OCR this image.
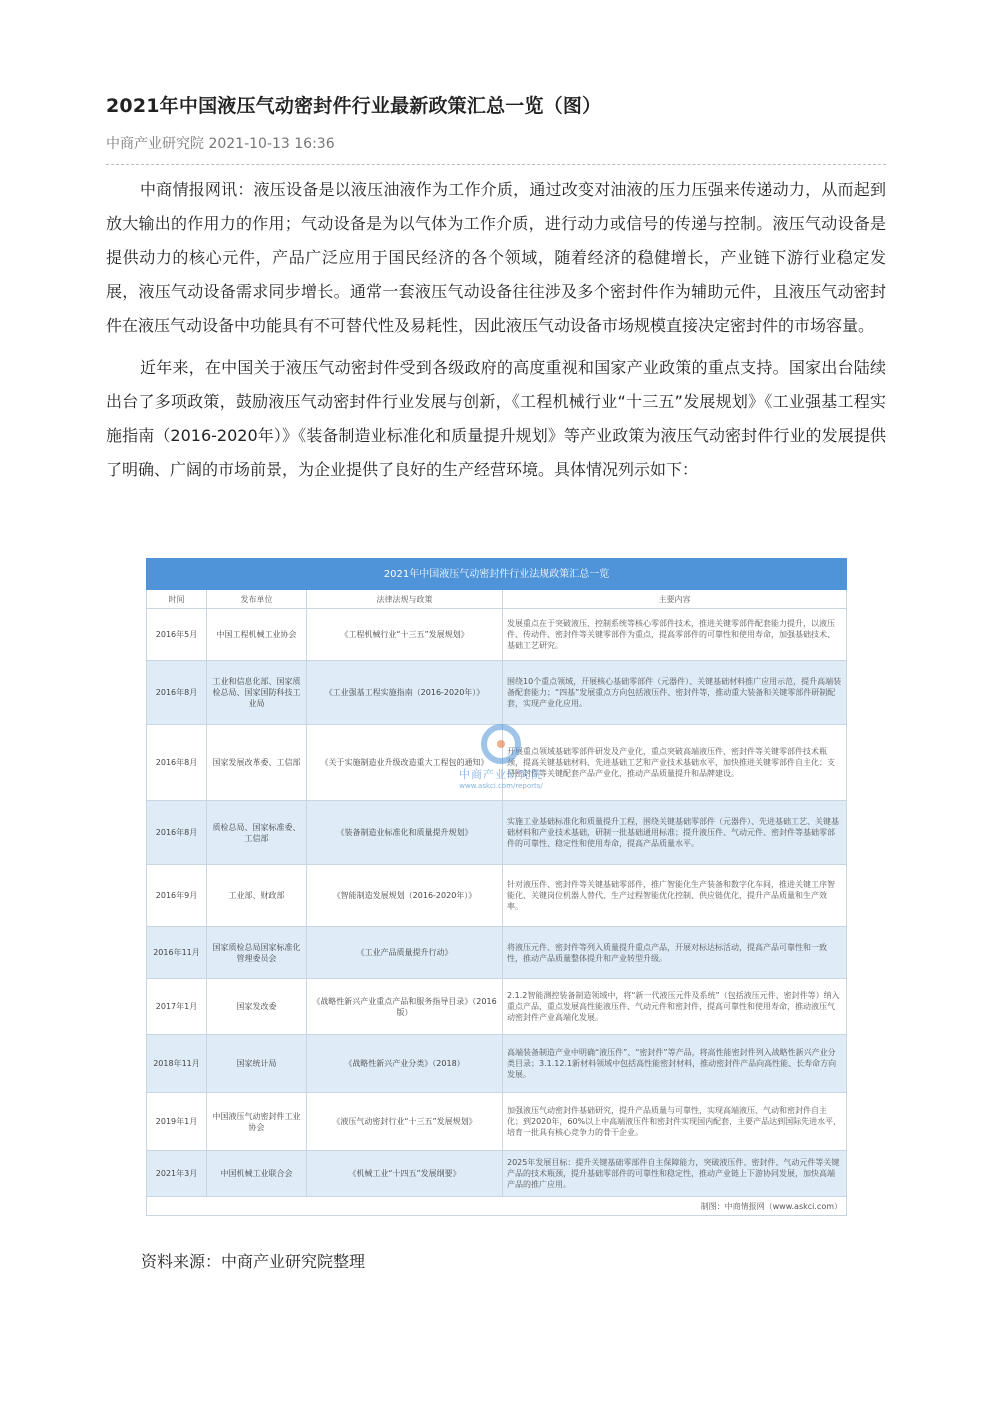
2021年中国液压气动密封件行业最新政策汇总一览（图）
中商产业研究院 2021-10-13 16:36

中商情报网讯：液压设备是以液压油液作为工作介质，通过改变对油液的压力压强来传递动力，从而起到放大输出的作用力的作用；气动设备是为以气体为工作介质，进行动力或信号的传递与控制。液压气动设备是提供动力的核心元件，产品广泛应用于国民经济的各个领域，随着经济的稳健增长，产业链下游行业稳定发展，液压气动设备需求同步增长。通常一套液压气动设备往往涉及多个密封件作为辅助元件，且液压气动密封件在液压气动设备中功能具有不可替代性及易耗性，因此液压气动设备市场规模直接决定密封件的市场容量。

近年来，在中国关于液压气动密封件受到各级政府的高度重视和国家产业政策的重点支持。国家出台陆续出台了多项政策，鼓励液压气动密封件行业发展与创新，《工程机械行业“十三五”发展规划》《工业强基工程实施指南（2016-2020年）》《装备制造业标准化和质量提升规划》等产业政策为液压气动密封件行业的发展提供了明确、广阔的市场前景，为企业提供了良好的生产经营环境。具体情况列示如下：

2021年中国液压气动密封件行业法规政策汇总一览			
时间	发布单位	法律法规与政策	主要内容
2016年5月	中国工程机械工业协会	《工程机械行业“十三五”发展规划》	发展重点在于突破液压、控制系统等核心零部件技术，推进关键零部件配套能力提升，以液压件、传动件、密封件等关键零部件为重点，提高零部件的可靠性和使用寿命，加强基础技术、基础工艺研究。
2016年8月	工业和信息化部、国家质检总局、国家国防科技工业局	《工业强基工程实施指南（2016-2020年）》	围绕10个重点领域，开展核心基础零部件（元器件）、关键基础材料推广应用示范，提升高端装备配套能力；“四基”发展重点方向包括液压件、密封件等，推动重大装备和关键零部件研制配套，实现产业化应用。
2016年8月	国家发展改革委、工信部	《关于实施制造业升级改造重大工程包的通知》	开展重点领域基础零部件研发及产业化，重点突破高端液压件、密封件等关键零部件技术瓶颈，提高关键基础材料、先进基础工艺和产业技术基础水平，加快推进关键零部件自主化；支持密封件等关键配套产品产业化，推动产品质量提升和品牌建设。
2016年8月	质检总局、国家标准委、工信部	《装备制造业标准化和质量提升规划》	实施工业基础标准化和质量提升工程，围绕关键基础零部件（元器件）、先进基础工艺、关键基础材料和产业技术基础，研制一批基础通用标准；提升液压件、气动元件、密封件等基础零部件的可靠性、稳定性和使用寿命，提高产品质量水平。
2016年9月	工业部、财政部	《智能制造发展规划（2016-2020年）》	针对液压件、密封件等关键基础零部件，推广智能化生产装备和数字化车间，推进关键工序智能化、关键岗位机器人替代、生产过程智能优化控制、供应链优化，提升产品质量和生产效率。
2016年11月	国家质检总局国家标准化管理委员会	《工业产品质量提升行动》	将液压元件、密封件等列入质量提升重点产品，开展对标达标活动，提高产品可靠性和一致性，推动产品质量整体提升和产业转型升级。
2017年1月	国家发改委	《战略性新兴产业重点产品和服务指导目录》（2016版）	2.1.2智能测控装备制造领域中，将“新一代液压元件及系统”（包括液压元件、密封件等）纳入重点产品，重点发展高性能液压件、气动元件和密封件，提高可靠性和使用寿命，推动液压气动密封件产业高端化发展。
2018年11月	国家统计局	《战略性新兴产业分类》（2018）	高端装备制造产业中明确“液压件”、“密封件”等产品，将高性能密封件列入战略性新兴产业分类目录；3.1.12.1新材料领域中包括高性能密封材料，推动密封件产品向高性能、长寿命方向发展。
2019年1月	中国液压气动密封件工业协会	《液压气动密封行业“十三五”发展规划》	加强液压气动密封件基础研究，提升产品质量与可靠性，实现高端液压、气动和密封件自主化；到2020年，60%以上中高端液压件和密封件实现国内配套，主要产品达到国际先进水平，培育一批具有核心竞争力的骨干企业。
2021年3月	中国机械工业联合会	《机械工业“十四五”发展纲要》	2025年发展目标：提升关键基础零部件自主保障能力，突破液压件、密封件、气动元件等关键产品的技术瓶颈，提升基础零部件的可靠性和稳定性，推动产业链上下游协同发展，加快高端产品的推广应用。
制图：中商情报网（www.askci.com）			
中商产业研究院
www.askci.com/reports/
资料来源：中商产业研究院整理
